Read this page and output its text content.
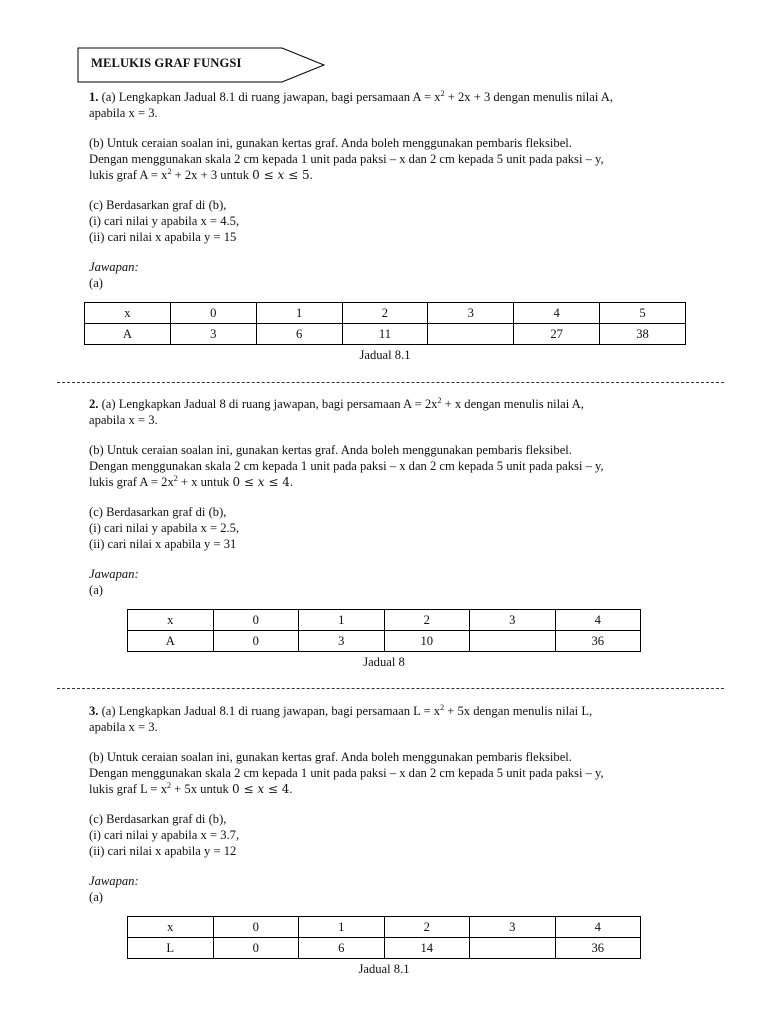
MELUKIS GRAF FUNGSI
1. (a) Lengkapkan Jadual 8.1 di ruang jawapan, bagi persamaan $A = x^2 + 2x + 3$ dengan menulis nilai A,
apabila x = 3.
(b) Untuk ceraian soalan ini, gunakan kertas graf. Anda boleh menggunakan pembaris fleksibel.
Dengan menggunakan skala 2 cm kepada 1 unit pada paksi – x dan 2 cm kepada 5 unit pada paksi – y,
lukis graf $A = x^2 + 2x + 3$ untuk 0 ≤ x ≤ 5.
(c) Berdasarkan graf di (b),
(i) cari nilai y apabila x = 4.5,
(ii) cari nilai x apabila y = 15
Jawapan:
(a)
x	0	1	2	3	4	5
A	3	6	11		27	38
Jadual 8.1
2. (a) Lengkapkan Jadual 8 di ruang jawapan, bagi persamaan $A = 2x^2 + x$ dengan menulis nilai A,
apabila x = 3.
(b) Untuk ceraian soalan ini, gunakan kertas graf. Anda boleh menggunakan pembaris fleksibel.
Dengan menggunakan skala 2 cm kepada 1 unit pada paksi – x dan 2 cm kepada 5 unit pada paksi – y,
lukis graf $A = 2x^2 + x$ untuk 0 ≤ x ≤ 4.
(c) Berdasarkan graf di (b),
(i) cari nilai y apabila x = 2.5,
(ii) cari nilai x apabila y = 31
Jawapan:
(a)
x	0	1	2	3	4
A	0	3	10		36
Jadual 8
3. (a) Lengkapkan Jadual 8.1 di ruang jawapan, bagi persamaan $L = x^2 + 5x$ dengan menulis nilai L,
apabila x = 3.
(b) Untuk ceraian soalan ini, gunakan kertas graf. Anda boleh menggunakan pembaris fleksibel.
Dengan menggunakan skala 2 cm kepada 1 unit pada paksi – x dan 2 cm kepada 5 unit pada paksi – y,
lukis graf $L = x^2 + 5x$ untuk 0 ≤ x ≤ 4.
(c) Berdasarkan graf di (b),
(i) cari nilai y apabila x = 3.7,
(ii) cari nilai x apabila y = 12
Jawapan:
(a)
x	0	1	2	3	4
L	0	6	14		36
Jadual 8.1
